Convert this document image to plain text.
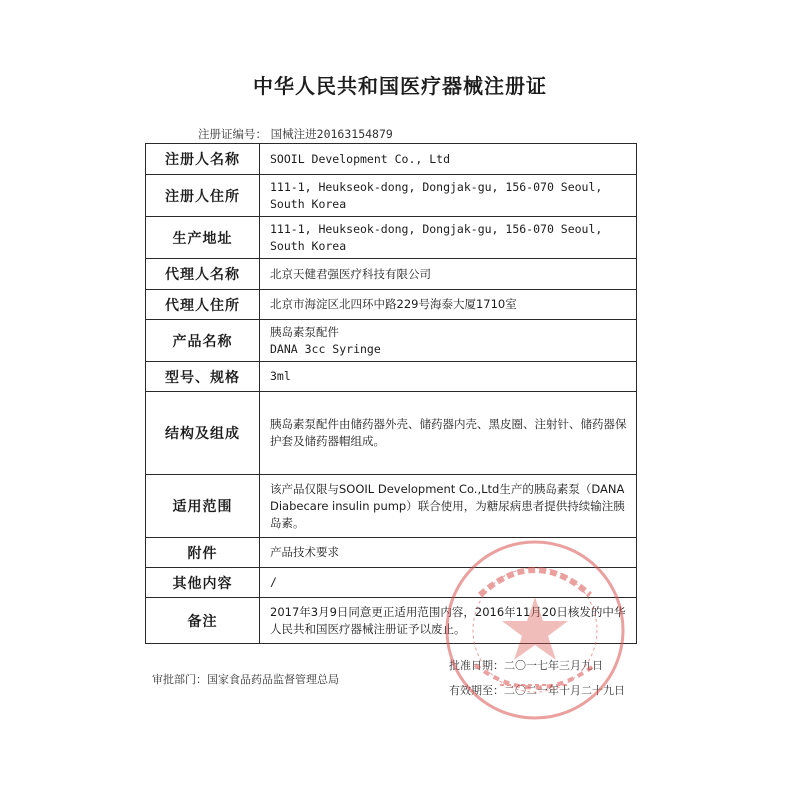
中华人民共和国医疗器械注册证
注册证编号： 国械注进20163154879
注册人名称	SOOIL Development Co., Ltd

注册人住所	111-1, Heukseok-dong, Dongjak-gu, 156-070 Seoul,
South Korea

生产地址	111-1, Heukseok-dong, Dongjak-gu, 156-070 Seoul,
South Korea

代理人名称	北京天健君强医疗科技有限公司

代理人住所	北京市海淀区北四环中路229号海泰大厦1710室

产品名称	胰岛素泵配件
DANA 3cc Syringe

型号、规格	3ml

结构及组成	胰岛素泵配件由储药器外壳、储药器内壳、黑皮圈、注射针、储药器保护套及储药器帽组成。

适用范围	该产品仅限与SOOIL Development Co.,Ltd生产的胰岛素泵（DANA Diabecare insulin pump）联合使用，为糖尿病患者提供持续输注胰岛素。

附件	产品技术要求

其他内容	/

备注	2017年3月9日同意更正适用范围内容，2016年11月20日核发的中华人民共和国医疗器械注册证予以废止。
审批部门：国家食品药品监督管理总局
批准日期：二〇一七年三月九日
有效期至：二〇二一年十月二十九日
